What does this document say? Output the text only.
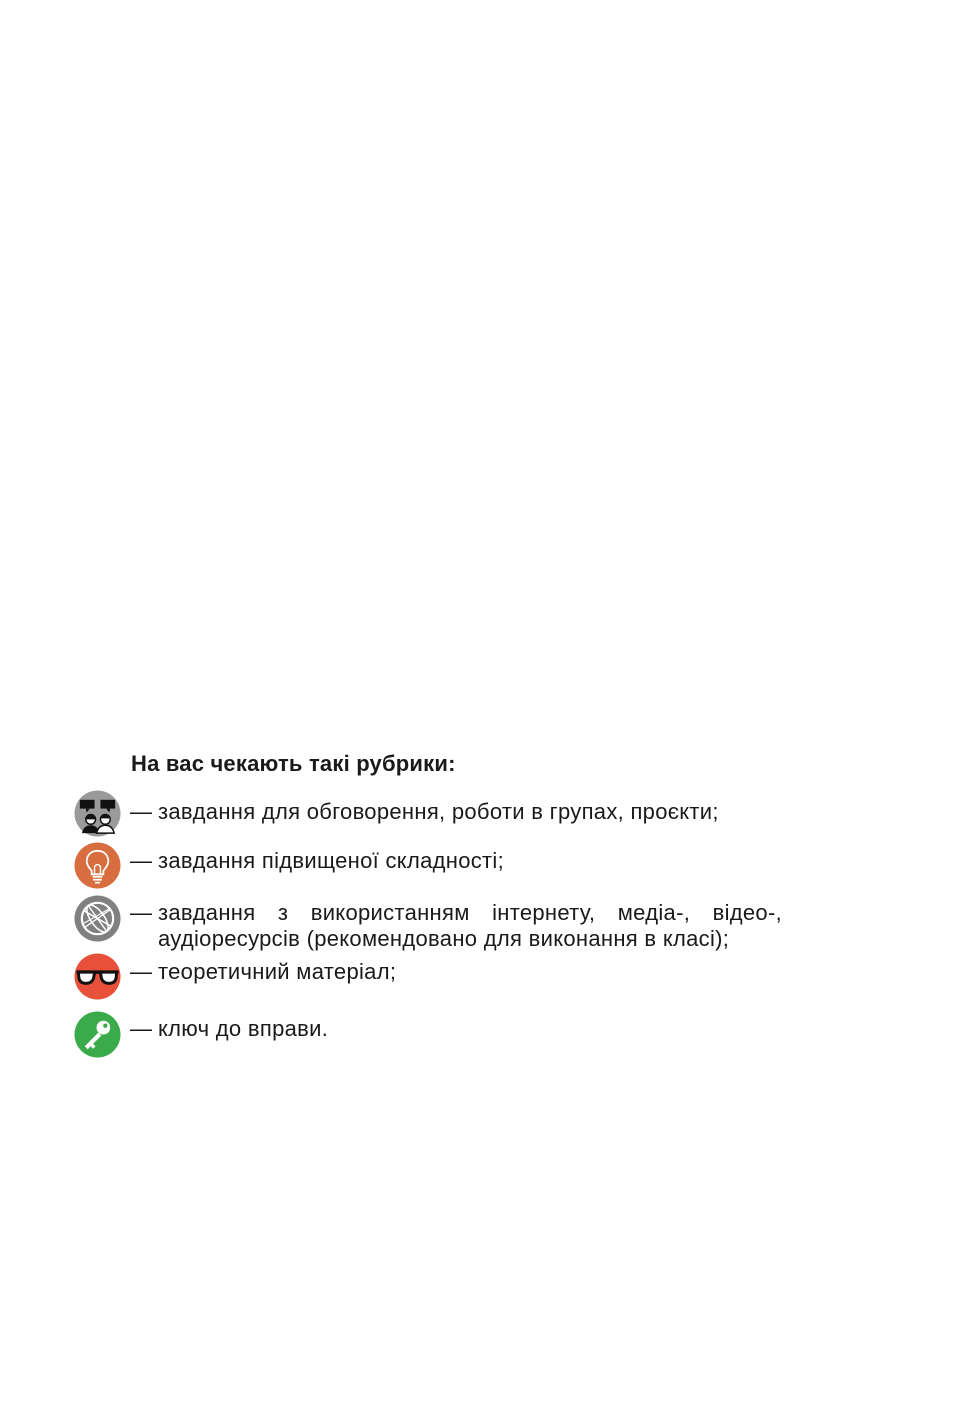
На вас чекають такі рубрики:
— завдання для обговорення, роботи в групах, проєкти;
— завдання підвищеної складності;
— завдання з використанням інтернету, медіа-, відео-, аудіоресурсів (рекомендовано для виконання в класі);
— теоретичний матеріал;
— ключ до вправи.
